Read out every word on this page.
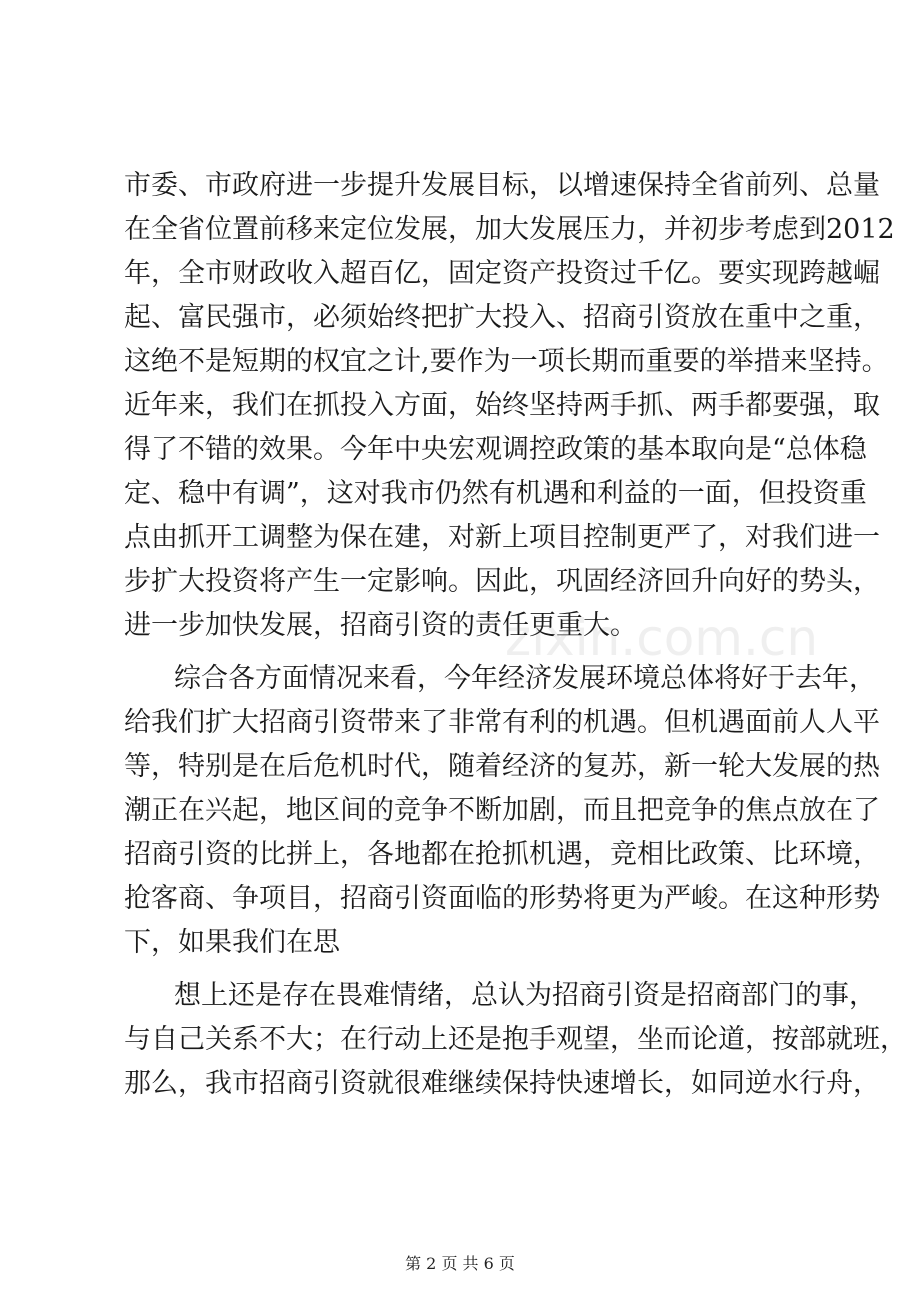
市委、市政府进一步提升发展目标，以增速保持全省前列、总量
在全省位置前移来定位发展，加大发展压力，并初步考虑到2012
年，全市财政收入超百亿，固定资产投资过千亿。要实现跨越崛
起、富民强市，必须始终把扩大投入、招商引资放在重中之重，
这绝不是短期的权宜之计,要作为一项长期而重要的举措来坚持。
近年来，我们在抓投入方面，始终坚持两手抓、两手都要强，取
得了不错的效果。今年中央宏观调控政策的基本取向是“总体稳
定、稳中有调”，这对我市仍然有机遇和利益的一面，但投资重
点由抓开工调整为保在建，对新上项目控制更严了，对我们进一
步扩大投资将产生一定影响。因此，巩固经济回升向好的势头，
进一步加快发展，招商引资的责任更重大。
综合各方面情况来看，今年经济发展环境总体将好于去年，
给我们扩大招商引资带来了非常有利的机遇。但机遇面前人人平
等，特别是在后危机时代，随着经济的复苏，新一轮大发展的热
潮正在兴起，地区间的竞争不断加剧，而且把竞争的焦点放在了
招商引资的比拼上，各地都在抢抓机遇，竞相比政策、比环境，
抢客商、争项目，招商引资面临的形势将更为严峻。在这种形势
下，如果我们在思
想上还是存在畏难情绪，总认为招商引资是招商部门的事，
与自己关系不大；在行动上还是抱手观望，坐而论道，按部就班，
那么，我市招商引资就很难继续保持快速增长，如同逆水行舟，
zixin.com.cn
第 2 页 共 6 页
